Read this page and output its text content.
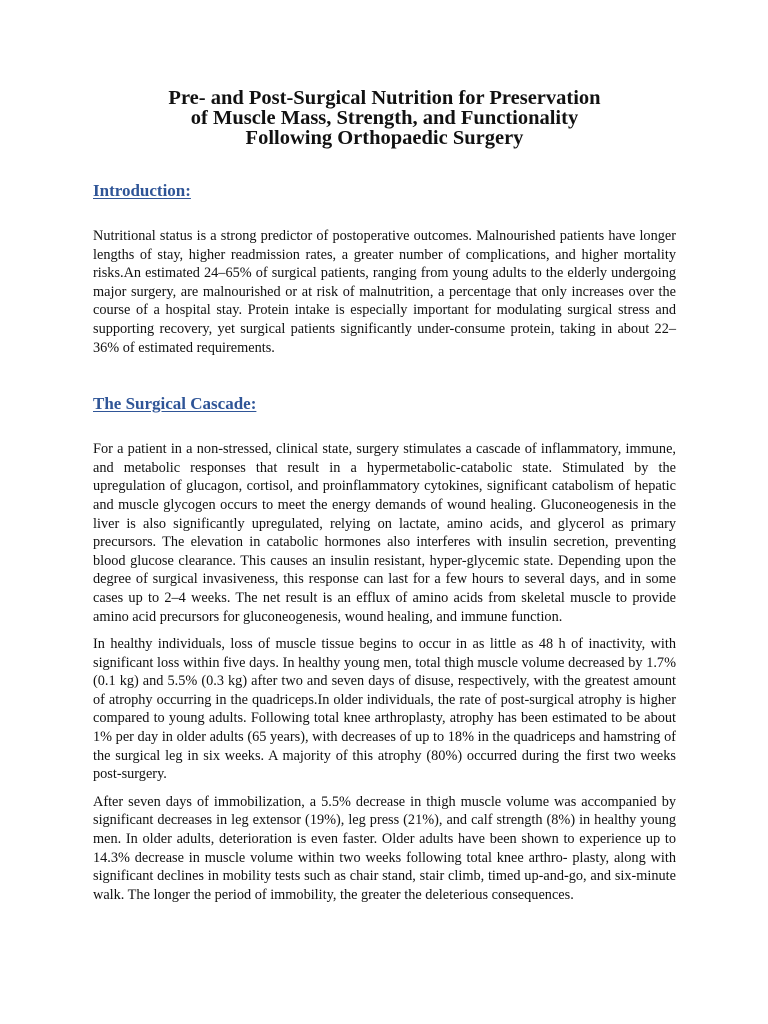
Pre- and Post-Surgical Nutrition for Preservation
of Muscle Mass, Strength, and Functionality
Following Orthopaedic Surgery
Introduction:

Nutritional status is a strong predictor of postoperative outcomes. Malnourished patients have longer lengths of stay, higher readmission rates, a greater number of complications, and higher mortality risks.An estimated 24–65% of surgical patients, ranging from young adults to the elderly undergoing major surgery, are malnourished or at risk of malnutrition, a percentage that only increases over the course of a hospital stay. Protein intake is especially important for modulating surgical stress and supporting recovery, yet surgical patients significantly under-consume protein, taking in about 22–36% of estimated requirements.

The Surgical Cascade:

For a patient in a non-stressed, clinical state, surgery stimulates a cascade of inflammatory, immune, and metabolic responses that result in a hypermetabolic-catabolic state. Stimulated by the upregulation of glucagon, cortisol, and proinflammatory cytokines, significant catabolism of hepatic and muscle glycogen occurs to meet the energy demands of wound healing. Gluconeogenesis in the liver is also significantly upregulated, relying on lactate, amino acids, and glycerol as primary precursors. The elevation in catabolic hormones also interferes with insulin secretion, preventing blood glucose clearance. This causes an insulin resistant, hyper-glycemic state. Depending upon the degree of surgical invasiveness, this response can last for a few hours to several days, and in some cases up to 2–4 weeks. The net result is an efflux of amino acids from skeletal muscle to provide amino acid precursors for gluconeogenesis, wound healing, and immune function.

In healthy individuals, loss of muscle tissue begins to occur in as little as 48 h of inactivity, with significant loss within five days. In healthy young men, total thigh muscle volume decreased by 1.7% (0.1 kg) and 5.5% (0.3 kg) after two and seven days of disuse, respectively, with the greatest amount of atrophy occurring in the quadriceps.In older individuals, the rate of post-surgical atrophy is higher compared to young adults. Following total knee arthroplasty, atrophy has been estimated to be about 1% per day in older adults (65 years), with decreases of up to 18% in the quadriceps and hamstring of the surgical leg in six weeks. A majority of this atrophy (80%) occurred during the first two weeks post-surgery.

After seven days of immobilization, a 5.5% decrease in thigh muscle volume was accompanied by significant decreases in leg extensor (19%), leg press (21%), and calf strength (8%) in healthy young men. In older adults, deterioration is even faster. Older adults have been shown to experience up to 14.3% decrease in muscle volume within two weeks following total knee arthro- plasty, along with significant declines in mobility tests such as chair stand, stair climb, timed up-and-go, and six-minute walk. The longer the period of immobility, the greater the deleterious consequences.
